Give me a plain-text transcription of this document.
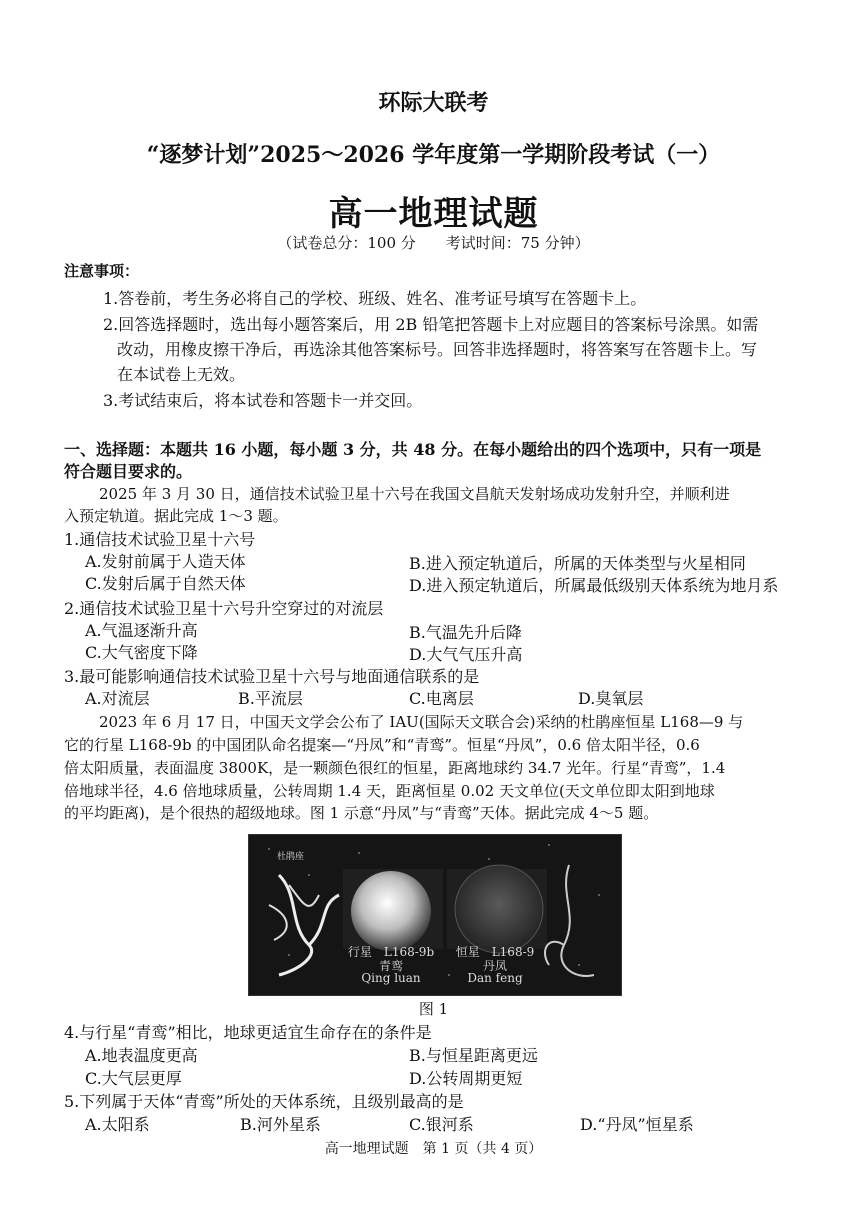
环际大联考
“逐梦计划”2025～2026 学年度第一学期阶段考试（一）
高一地理试题
（试卷总分：100 分　　考试时间：75 分钟）
注意事项：
1.答卷前，考生务必将自己的学校、班级、姓名、准考证号填写在答题卡上。
2.回答选择题时，选出每小题答案后，用 2B 铅笔把答题卡上对应题目的答案标号涂黑。如需
改动，用橡皮擦干净后，再选涂其他答案标号。回答非选择题时，将答案写在答题卡上。写
在本试卷上无效。
3.考试结束后，将本试卷和答题卡一并交回。
一、选择题：本题共 16 小题，每小题 3 分，共 48 分。在每小题给出的四个选项中，只有一项是
符合题目要求的。
2025 年 3 月 30 日，通信技术试验卫星十六号在我国文昌航天发射场成功发射升空，并顺利进
入预定轨道。据此完成 1～3 题。
1.通信技术试验卫星十六号
A.发射前属于人造天体	B.进入预定轨道后，所属的天体类型与火星相同
C.发射后属于自然天体	D.进入预定轨道后，所属最低级别天体系统为地月系
2.通信技术试验卫星十六号升空穿过的对流层
A.气温逐渐升高	B.气温先升后降
C.大气密度下降	D.大气气压升高
3.最可能影响通信技术试验卫星十六号与地面通信联系的是
A.对流层	B.平流层	C.电离层	D.臭氧层
2023 年 6 月 17 日，中国天文学会公布了 IAU(国际天文联合会)采纳的杜鹃座恒星 L168—9 与
它的行星 L168-9b 的中国团队命名提案—“丹凤”和“青鸾”。恒星“丹凤”，0.6 倍太阳半径，0.6
倍太阳质量，表面温度 3800K，是一颗颜色很红的恒星，距离地球约 34.7 光年。行星“青鸾”，1.4
倍地球半径，4.6 倍地球质量，公转周期 1.4 天，距离恒星 0.02 天文单位(天文单位即太阳到地球
的平均距离)，是个很热的超级地球。图 1 示意“丹凤”与“青鸾”天体。据此完成 4～5 题。
杜鹃座
行星　L168-9b
青鸾
Qing luan
恒星　L168-9
丹凤
Dan feng
图 1
4.与行星“青鸾”相比，地球更适宜生命存在的条件是
A.地表温度更高	B.与恒星距离更远
C.大气层更厚	D.公转周期更短
5.下列属于天体“青鸾”所处的天体系统，且级别最高的是
A.太阳系	B.河外星系	C.银河系	D.“丹凤”恒星系
高一地理试题　第 1 页（共 4 页）
